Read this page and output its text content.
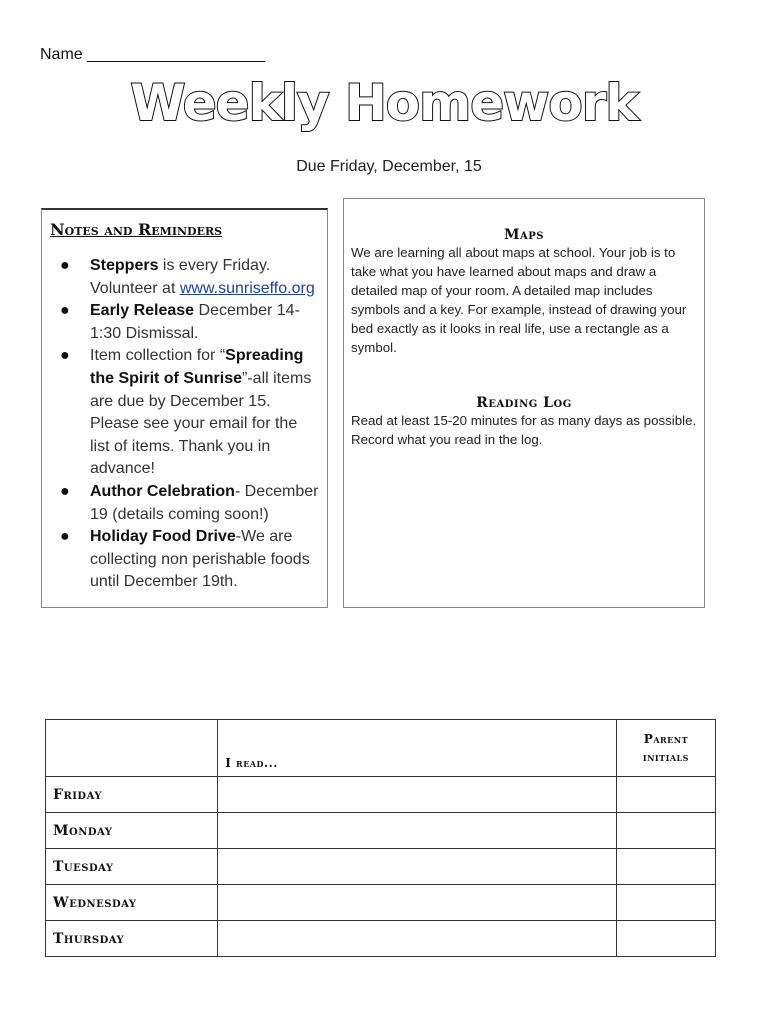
Name ____________________
Weekly Homework
Due Friday, December, 15
Notes and Reminders
● Steppers is every Friday. Volunteer at www.sunriseffo.org
● Early Release December 14-1:30 Dismissal.
● Item collection for “Spreading the Spirit of Sunrise”-all items are due by December 15. Please see your email for the list of items. Thank you in advance!
● Author Celebration- December 19 (details coming soon!)
● Holiday Food Drive-We are collecting non perishable foods until December 19th.
Maps

We are learning all about maps at school. Your job is to take what you have learned about maps and draw a detailed map of your room. A detailed map includes symbols and a key. For example, instead of drawing your bed exactly as it looks in real life, use a rectangle as a symbol.

Reading Log

Read at least 15-20 minutes for as many days as possible. Record what you read in the log.

	I read...	Parent
initials
Friday		
Monday		
Tuesday		
Wednesday		
Thursday		
